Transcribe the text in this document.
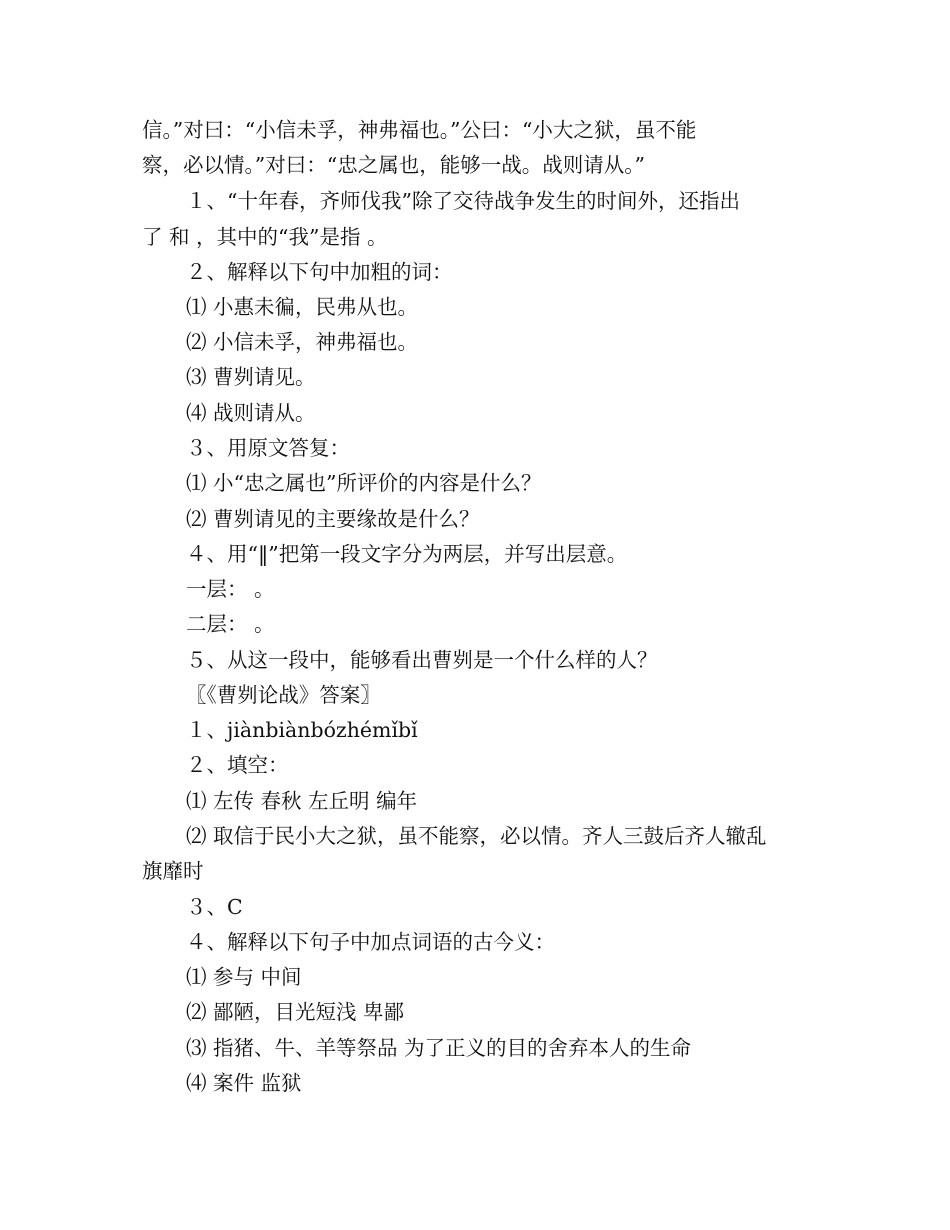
信。”对曰：“小信未孚，神弗福也。”公曰：“小大之狱，虽不能
察，必以情。”对曰：“忠之属也，能够一战。战则请从。”
１、“十年春，齐师伐我”除了交待战争发生的时间外，还指出
了 和 ，其中的“我”是指 。
２、解释以下句中加粗的词：
⑴ 小惠未徧，民弗从也。
⑵ 小信未孚，神弗福也。
⑶ 曹刿请见。
⑷ 战则请从。
３、用原文答复：
⑴ 小“忠之属也”所评价的内容是什么？
⑵ 曹刿请见的主要缘故是什么？
４、用“‖”把第一段文字分为两层，并写出层意。
一层： 。
二层： 。
５、从这一段中，能够看出曹刿是一个什么样的人？
〖《曹刿论战》答案〗
１、jiànbiànbózhémǐbǐ
２、填空：
⑴ 左传 春秋 左丘明 编年
⑵ 取信于民小大之狱，虽不能察，必以情。齐人三鼓后齐人辙乱
旗靡时
３、C
４、解释以下句子中加点词语的古今义：
⑴ 参与 中间
⑵ 鄙陋，目光短浅 卑鄙
⑶ 指猪、牛、羊等祭品 为了正义的目的舍弃本人的生命
⑷ 案件 监狱
